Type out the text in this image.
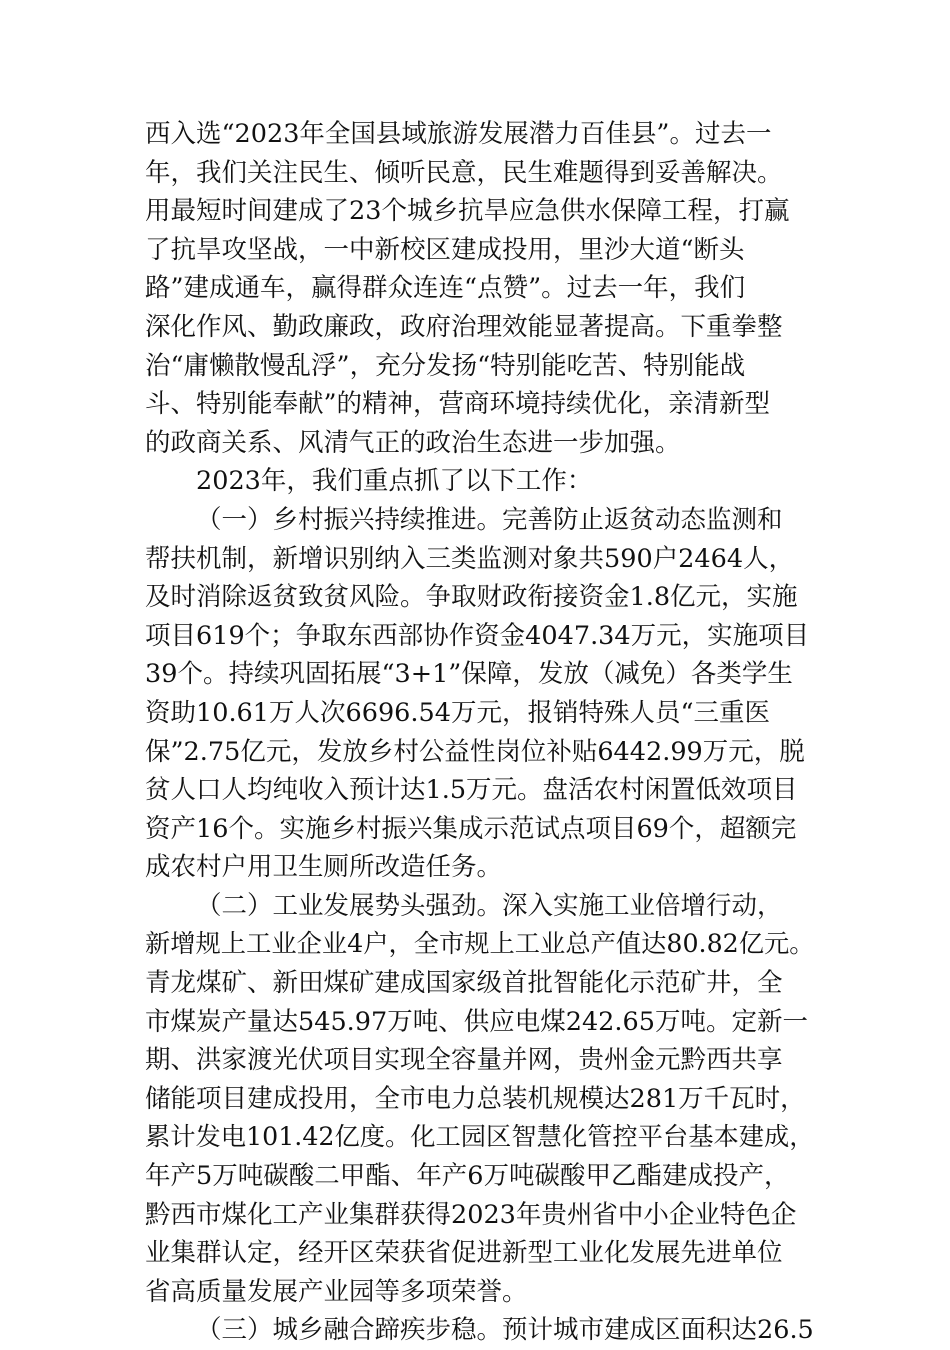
西入选“2023年全国县域旅游发展潜力百佳县”。过去一
年，我们关注民生、倾听民意，民生难题得到妥善解决。
用最短时间建成了23个城乡抗旱应急供水保障工程，打赢
了抗旱攻坚战，一中新校区建成投用，里沙大道“断头
路”建成通车，赢得群众连连“点赞”。过去一年，我们
深化作风、勤政廉政，政府治理效能显著提高。下重拳整
治“庸懒散慢乱浮”，充分发扬“特别能吃苦、特别能战
斗、特别能奉献”的精神，营商环境持续优化，亲清新型
的政商关系、风清气正的政治生态进一步加强。
2023年，我们重点抓了以下工作：
（一）乡村振兴持续推进。完善防止返贫动态监测和
帮扶机制，新增识别纳入三类监测对象共590户2464人，
及时消除返贫致贫风险。争取财政衔接资金1.8亿元，实施
项目619个；争取东西部协作资金4047.34万元，实施项目
39个。持续巩固拓展“3+1”保障，发放（减免）各类学生
资助10.61万人次6696.54万元，报销特殊人员“三重医
保”2.75亿元，发放乡村公益性岗位补贴6442.99万元，脱
贫人口人均纯收入预计达1.5万元。盘活农村闲置低效项目
资产16个。实施乡村振兴集成示范试点项目69个，超额完
成农村户用卫生厕所改造任务。
（二）工业发展势头强劲。深入实施工业倍增行动，
新增规上工业企业4户，全市规上工业总产值达80.82亿元。
青龙煤矿、新田煤矿建成国家级首批智能化示范矿井，全
市煤炭产量达545.97万吨、供应电煤242.65万吨。定新一
期、洪家渡光伏项目实现全容量并网，贵州金元黔西共享
储能项目建成投用，全市电力总装机规模达281万千瓦时，
累计发电101.42亿度。化工园区智慧化管控平台基本建成，
年产5万吨碳酸二甲酯、年产6万吨碳酸甲乙酯建成投产，
黔西市煤化工产业集群获得2023年贵州省中小企业特色企
业集群认定，经开区荣获省促进新型工业化发展先进单位
省高质量发展产业园等多项荣誉。
（三）城乡融合蹄疾步稳。预计城市建成区面积达26.5
